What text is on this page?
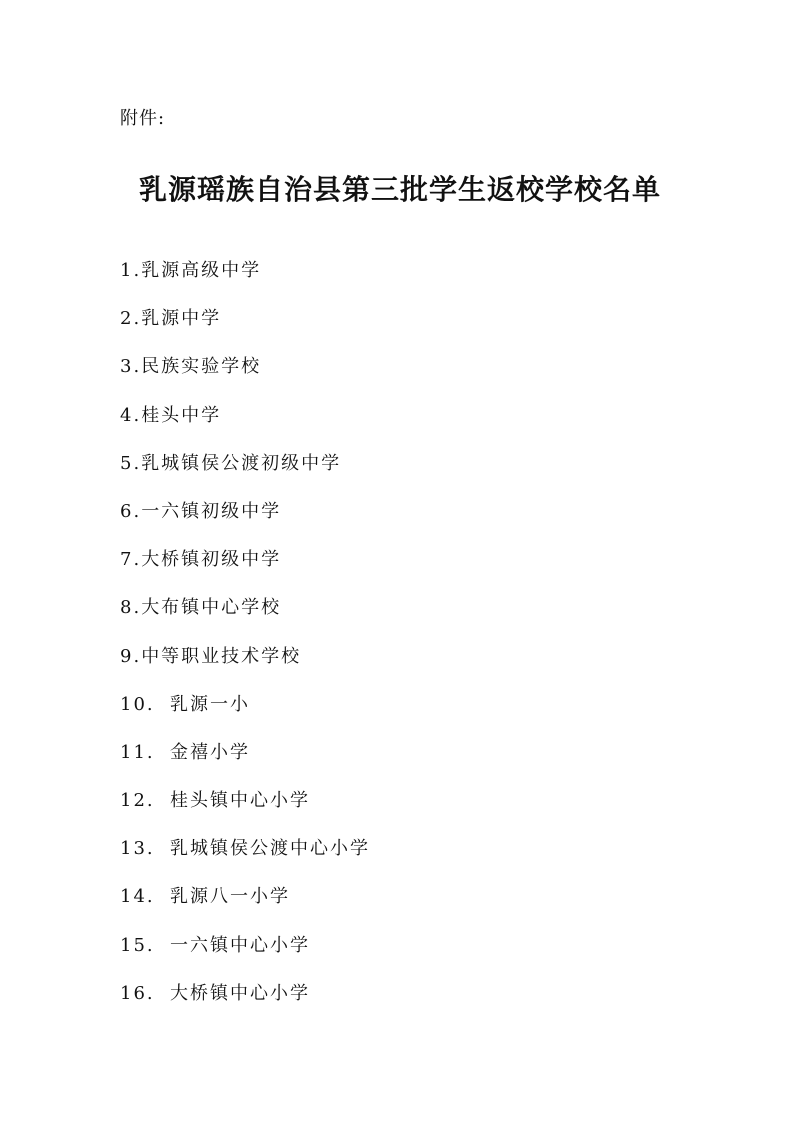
附件:
乳源瑶族自治县第三批学生返校学校名单
1.乳源高级中学
2.乳源中学
3.民族实验学校
4.桂头中学
5.乳城镇侯公渡初级中学
6.一六镇初级中学
7.大桥镇初级中学
8.大布镇中心学校
9.中等职业技术学校
10. 乳源一小
11. 金禧小学
12. 桂头镇中心小学
13. 乳城镇侯公渡中心小学
14. 乳源八一小学
15. 一六镇中心小学
16. 大桥镇中心小学
